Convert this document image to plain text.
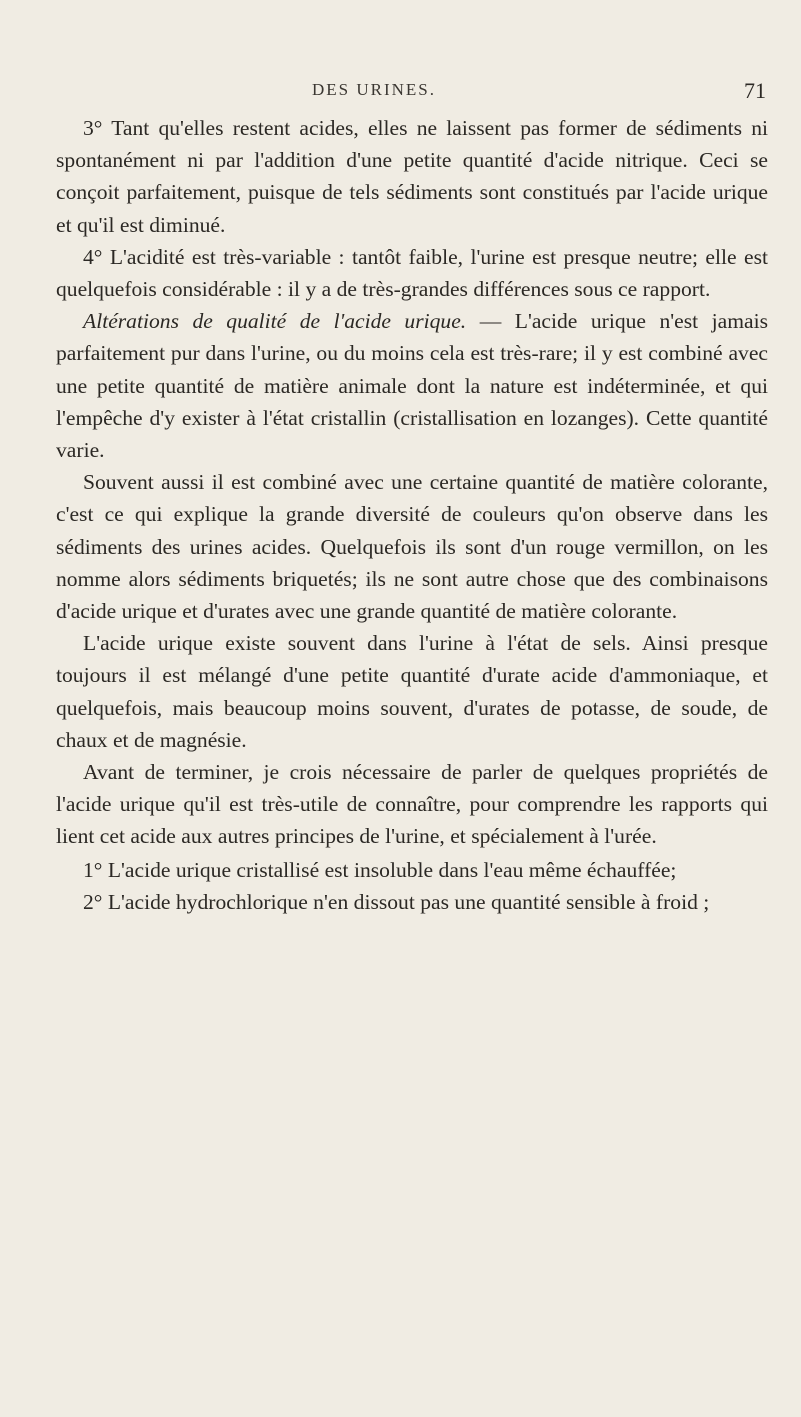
DES URINES.	71

3° Tant qu'elles restent acides, elles ne laissent pas former de sédiments ni spontanément ni par l'addition d'une petite quantité d'acide nitrique. Ceci se conçoit parfaitement, puisque de tels sédiments sont constitués par l'acide urique et qu'il est diminué.

4° L'acidité est très-variable : tantôt faible, l'urine est presque neutre; elle est quelquefois considérable : il y a de très-grandes différences sous ce rapport.

Altérations de qualité de l'acide urique. — L'acide urique n'est jamais parfaitement pur dans l'urine, ou du moins cela est très-rare; il y est combiné avec une petite quantité de matière animale dont la nature est indéterminée, et qui l'empêche d'y exister à l'état cristallin (cristallisation en lozanges). Cette quantité varie.

Souvent aussi il est combiné avec une certaine quantité de matière colorante, c'est ce qui explique la grande diversité de couleurs qu'on observe dans les sédiments des urines acides. Quelquefois ils sont d'un rouge vermillon, on les nomme alors sédiments briquetés; ils ne sont autre chose que des combinaisons d'acide urique et d'urates avec une grande quantité de matière colorante.

L'acide urique existe souvent dans l'urine à l'état de sels. Ainsi presque toujours il est mélangé d'une petite quantité d'urate acide d'ammoniaque, et quelquefois, mais beaucoup moins souvent, d'urates de potasse, de soude, de chaux et de magnésie.

Avant de terminer, je crois nécessaire de parler de quelques propriétés de l'acide urique qu'il est très-utile de connaître, pour comprendre les rapports qui lient cet acide aux autres principes de l'urine, et spécialement à l'urée.

1° L'acide urique cristallisé est insoluble dans l'eau même échauffée;

2° L'acide hydrochlorique n'en dissout pas une quantité sensible à froid ;
